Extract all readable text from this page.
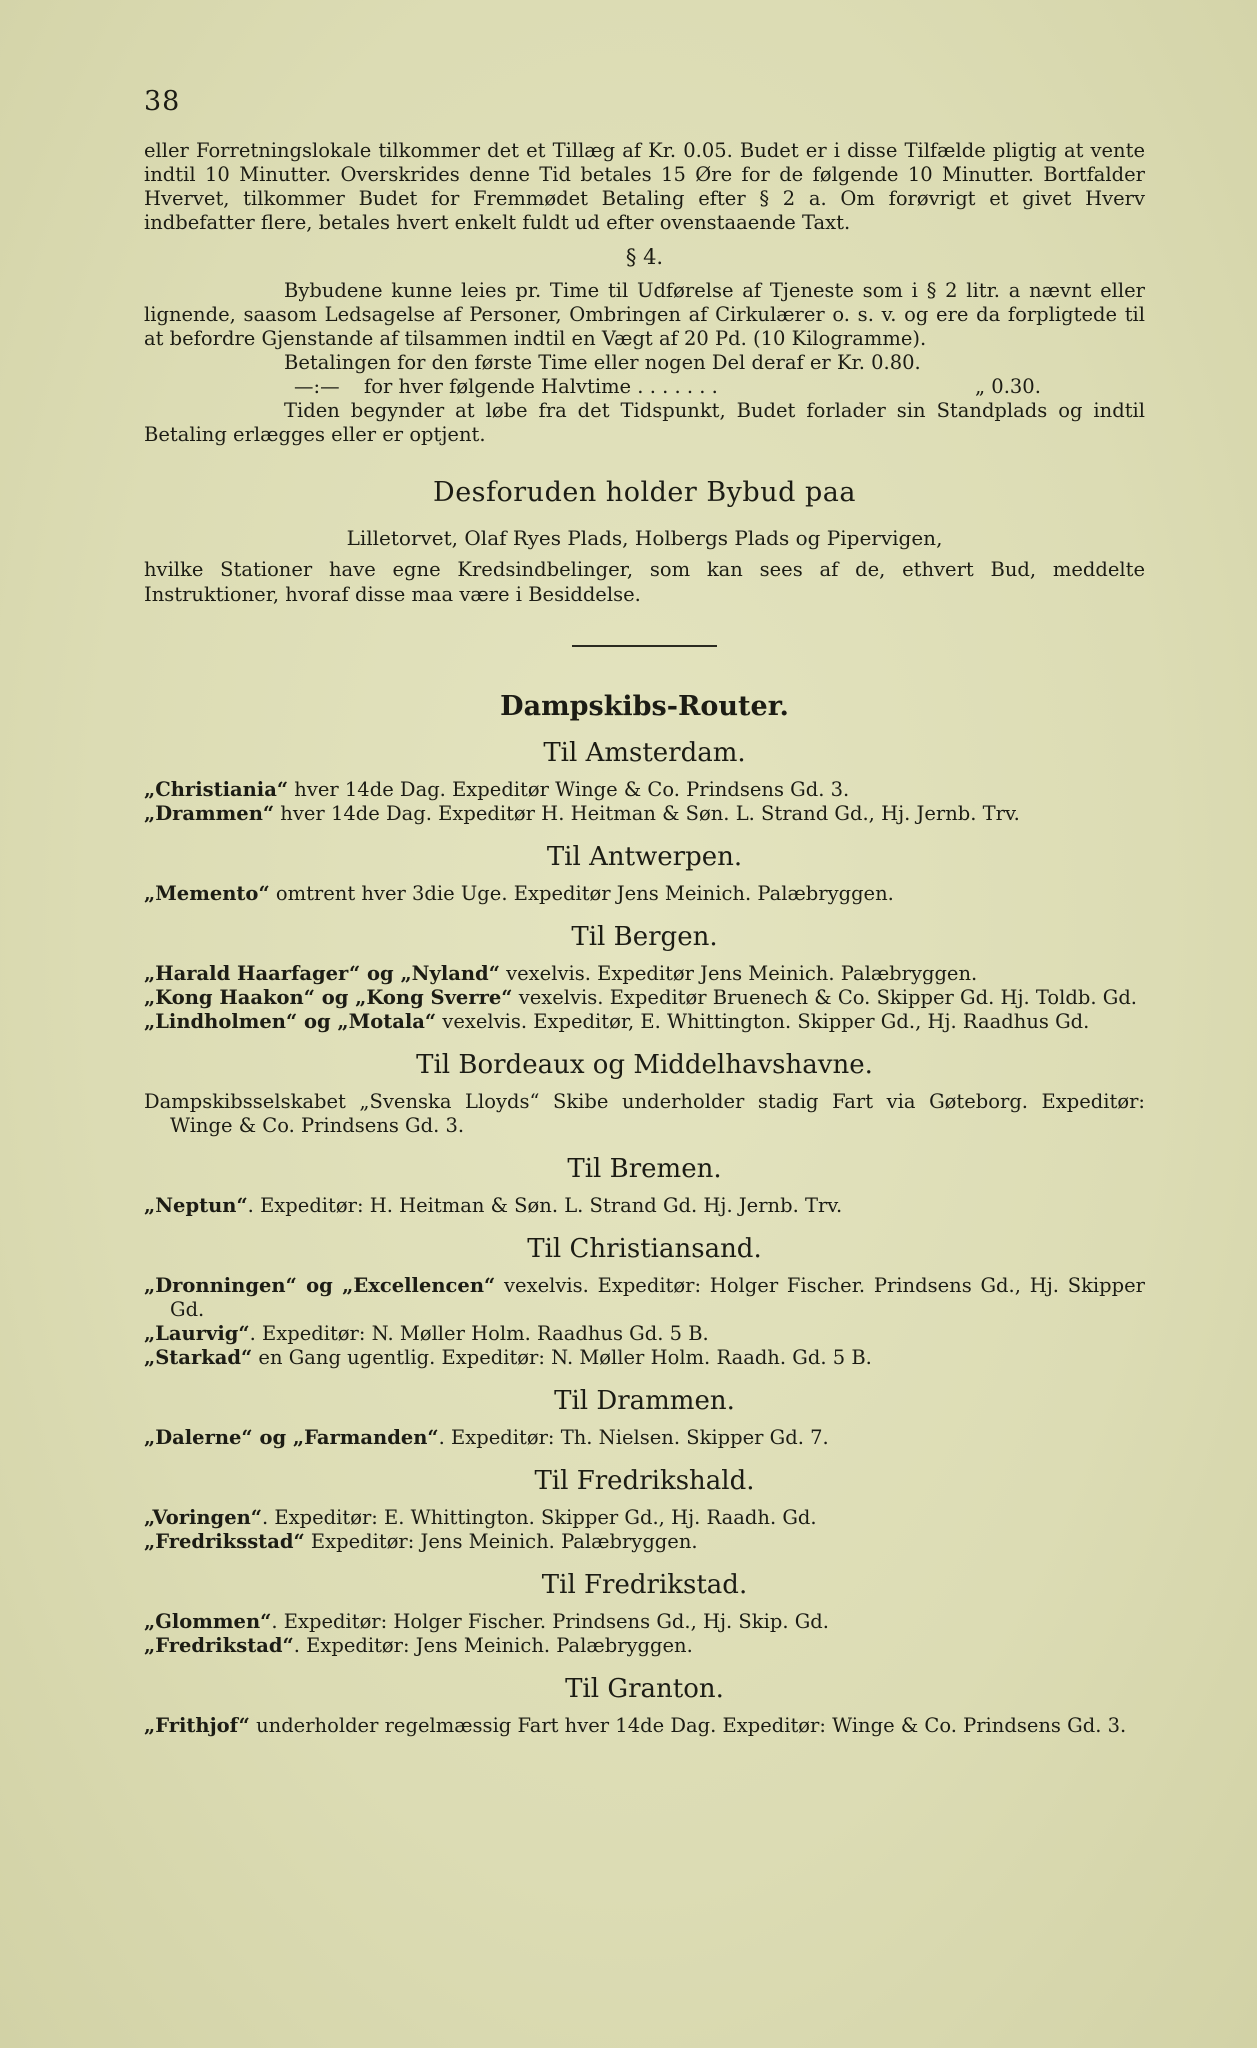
38

eller Forretningslokale tilkommer det et Tillæg af Kr. 0.05. Budet er i disse Tilfælde pligtig at vente indtil 10 Minutter. Overskrides denne Tid betales 15 Øre for de følgende 10 Minutter. Bortfalder Hvervet, tilkommer Budet for Fremmødet Betaling efter § 2 a. Om forøvrigt et givet Hverv indbefatter flere, betales hvert enkelt fuldt ud efter ovenstaaende Taxt.

§ 4.

Bybudene kunne leies pr. Time til Udførelse af Tjeneste som i § 2 litr. a nævnt eller lignende, saasom Ledsagelse af Personer, Ombringen af Cirkulærer o. s. v. og ere da forpligtede til at befordre Gjenstande af tilsammen indtil en Vægt af 20 Pd. (10 Kilogramme).

Betalingen for den første Time eller nogen Del deraf er Kr. 0.80.

—:—	for hver følgende Halvtime . . . . . . .	„ 0.30.

Tiden begynder at løbe fra det Tidspunkt, Budet forlader sin Standplads og indtil Betaling erlægges eller er optjent.

Desforuden holder Bybud paa
Lilletorvet, Olaf Ryes Plads, Holbergs Plads og Pipervigen,

hvilke Stationer have egne Kredsindbelinger, som kan sees af de, ethvert Bud, meddelte Instruktioner, hvoraf disse maa være i Besiddelse.

Dampskibs-Router.
Til Amsterdam.

„Christiania“ hver 14de Dag. Expeditør Winge & Co. Prindsens Gd. 3.

„Drammen“ hver 14de Dag. Expeditør H. Heitman & Søn. L. Strand Gd., Hj. Jernb. Trv.

Til Antwerpen.

„Memento“ omtrent hver 3die Uge. Expeditør Jens Meinich. Palæbryggen.

Til Bergen.

„Harald Haarfager“ og „Nyland“ vexelvis. Expeditør Jens Meinich. Palæbryggen.

„Kong Haakon“ og „Kong Sverre“ vexelvis. Expeditør Bruenech & Co. Skipper Gd. Hj. Toldb. Gd.

„Lindholmen“ og „Motala“ vexelvis. Expeditør, E. Whittington. Skipper Gd., Hj. Raadhus Gd.

Til Bordeaux og Middelhavshavne.

Dampskibsselskabet „Svenska Lloyds“ Skibe underholder stadig Fart via Gøteborg. Expeditør: Winge & Co. Prindsens Gd. 3.

Til Bremen.

„Neptun“. Expeditør: H. Heitman & Søn. L. Strand Gd. Hj. Jernb. Trv.

Til Christiansand.

„Dronningen“ og „Excellencen“ vexelvis. Expeditør: Holger Fischer. Prindsens Gd., Hj. Skipper Gd.

„Laurvig“. Expeditør: N. Møller Holm. Raadhus Gd. 5 B.

„Starkad“ en Gang ugentlig. Expeditør: N. Møller Holm. Raadh. Gd. 5 B.

Til Drammen.

„Dalerne“ og „Farmanden“. Expeditør: Th. Nielsen. Skipper Gd. 7.

Til Fredrikshald.

„Voringen“. Expeditør: E. Whittington. Skipper Gd., Hj. Raadh. Gd.

„Fredriksstad“ Expeditør: Jens Meinich. Palæbryggen.

Til Fredrikstad.

„Glommen“. Expeditør: Holger Fischer. Prindsens Gd., Hj. Skip. Gd.

„Fredrikstad“. Expeditør: Jens Meinich. Palæbryggen.

Til Granton.

„Frithjof“ underholder regelmæssig Fart hver 14de Dag. Expeditør: Winge & Co. Prindsens Gd. 3.
